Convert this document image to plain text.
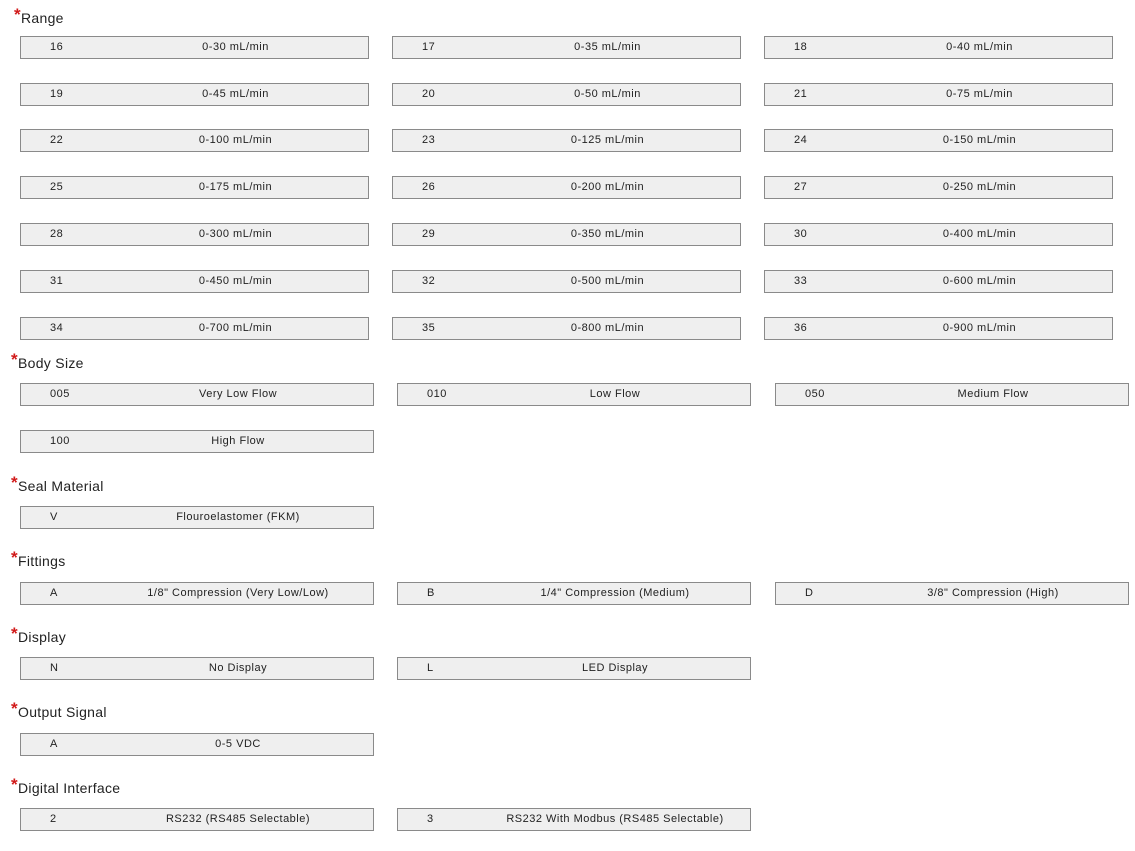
* Range
16	0-30 mL/min	17	0-35 mL/min	18	0-40 mL/min
19	0-45 mL/min	20	0-50 mL/min	21	0-75 mL/min
22	0-100 mL/min	23	0-125 mL/min	24	0-150 mL/min
25	0-175 mL/min	26	0-200 mL/min	27	0-250 mL/min
28	0-300 mL/min	29	0-350 mL/min	30	0-400 mL/min
31	0-450 mL/min	32	0-500 mL/min	33	0-600 mL/min
34	0-700 mL/min	35	0-800 mL/min	36	0-900 mL/min
* Body Size
005	Very Low Flow	010	Low Flow	050	Medium Flow
100	High Flow
* Seal Material
V	Flouroelastomer (FKM)
* Fittings
A	1/8" Compression (Very Low/Low)	B	1/4" Compression (Medium)	D	3/8" Compression (High)
* Display
N	No Display	L	LED Display
* Output Signal
A	0-5 VDC
* Digital Interface
2	RS232 (RS485 Selectable)	3	RS232 With Modbus (RS485 Selectable)
